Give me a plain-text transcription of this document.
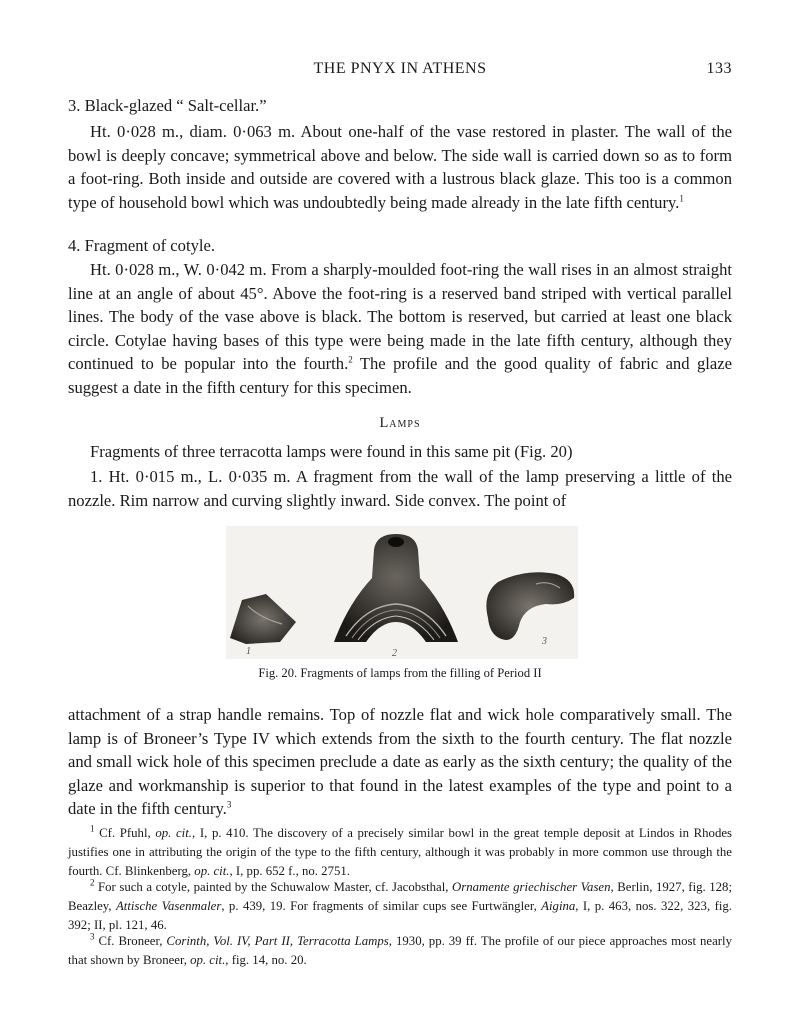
THE PNYX IN ATHENS	133
3. Black-glazed “ Salt-cellar.”

Ht. 0·028 m., diam. 0·063 m. About one-half of the vase restored in plaster. The wall of the bowl is deeply concave; symmetrical above and below. The side wall is carried down so as to form a foot-ring. Both inside and outside are covered with a lustrous black glaze. This too is a common type of household bowl which was undoubtedly being made already in the late fifth century.$^1$

4. Fragment of cotyle.

Ht. 0·028 m., W. 0·042 m. From a sharply-moulded foot-ring the wall rises in an almost straight line at an angle of about 45°. Above the foot-ring is a reserved band striped with vertical parallel lines. The body of the vase above is black. The bottom is reserved, but carried at least one black circle. Cotylae having bases of this type were being made in the late fifth century, although they continued to be popular into the fourth.$^2$ The profile and the good quality of fabric and glaze suggest a date in the fifth century for this specimen.

Lamps

Fragments of three terracotta lamps were found in this same pit (Fig. 20)

1. Ht. 0·015 m., L. 0·035 m. A fragment from the wall of the lamp preserving a little of the nozzle. Rim narrow and curving slightly inward. Side convex. The point of

1	2
3
Fig. 20. Fragments of lamps from the filling of Period II

attachment of a strap handle remains. Top of nozzle flat and wick hole comparatively small. The lamp is of Broneer’s Type IV which extends from the sixth to the fourth century. The flat nozzle and small wick hole of this specimen preclude a date as early as the sixth century; the quality of the glaze and workmanship is superior to that found in the latest examples of the type and point to a date in the fifth century.$^3$

$^1$ Cf. Pfuhl, op. cit., I, p. 410. The discovery of a precisely similar bowl in the great temple deposit at Lindos in Rhodes justifies one in attributing the origin of the type to the fifth century, although it was probably in more common use through the fourth. Cf. Blinkenberg, op. cit., I, pp. 652 f., no. 2751.

$^2$ For such a cotyle, painted by the Schuwalow Master, cf. Jacobsthal, Ornamente griechischer Vasen, Berlin, 1927, fig. 128; Beazley, Attische Vasenmaler, p. 439, 19. For fragments of similar cups see Furtwängler, Aigina, I, p. 463, nos. 322, 323, fig. 392; II, pl. 121, 46.

$^3$ Cf. Broneer, Corinth, Vol. IV, Part II, Terracotta Lamps, 1930, pp. 39 ff. The profile of our piece approaches most nearly that shown by Broneer, op. cit., fig. 14, no. 20.
